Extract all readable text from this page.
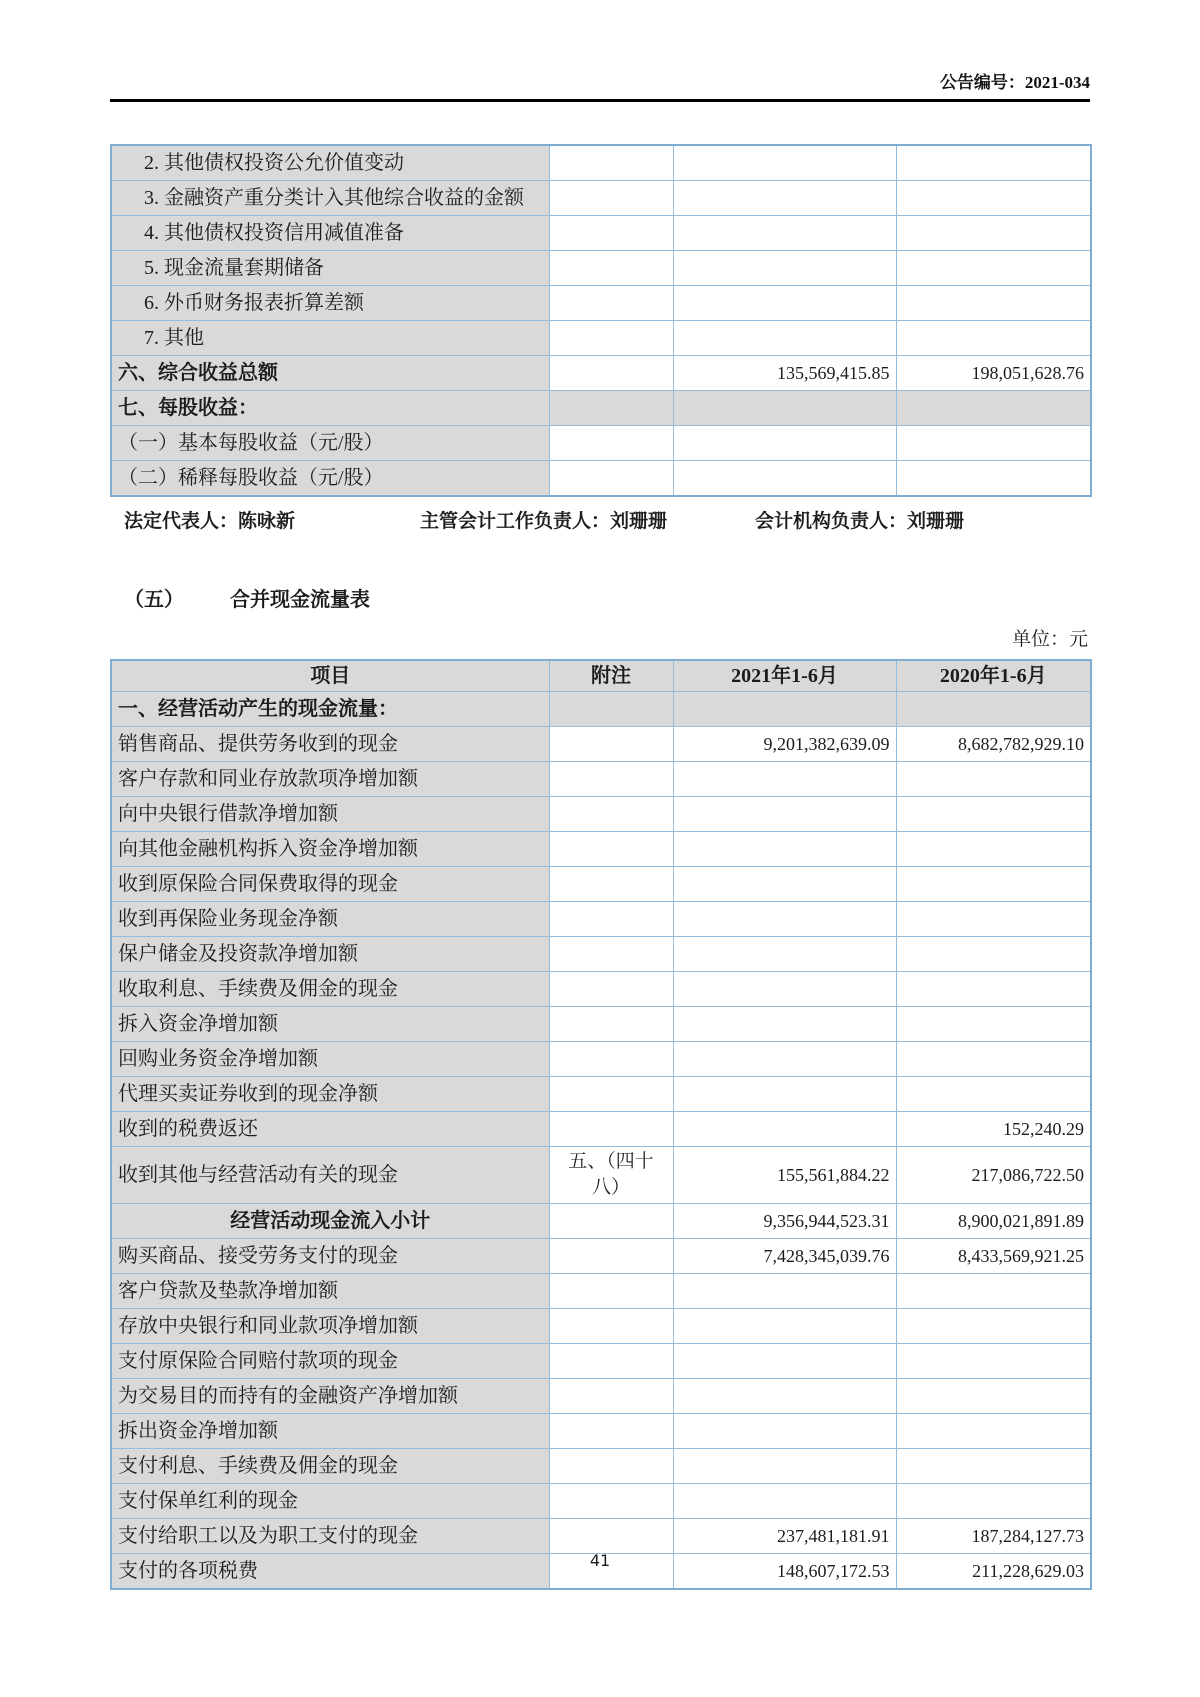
公告编号：2021-034
2. 其他债权投资公允价值变动			
3. 金融资产重分类计入其他综合收益的金额			
4. 其他债权投资信用减值准备			
5. 现金流量套期储备			
6. 外币财务报表折算差额			
7. 其他			
六、综合收益总额		135,569,415.85	198,051,628.76
七、每股收益：			
（一）基本每股收益（元/股）			
（二）稀释每股收益（元/股）			
法定代表人：陈咏新	主管会计工作负责人：刘珊珊	会计机构负责人：刘珊珊
（五） 合并现金流量表
单位：元
项目	附注	2021年1-6月	2020年1-6月
一、经营活动产生的现金流量：			
销售商品、提供劳务收到的现金		9,201,382,639.09	8,682,782,929.10
客户存款和同业存放款项净增加额			
向中央银行借款净增加额			
向其他金融机构拆入资金净增加额			
收到原保险合同保费取得的现金			
收到再保险业务现金净额			
保户储金及投资款净增加额			
收取利息、手续费及佣金的现金			
拆入资金净增加额			
回购业务资金净增加额			
代理买卖证券收到的现金净额			
收到的税费返还			152,240.29
收到其他与经营活动有关的现金	五、（四十八）	155,561,884.22	217,086,722.50
经营活动现金流入小计		9,356,944,523.31	8,900,021,891.89
购买商品、接受劳务支付的现金		7,428,345,039.76	8,433,569,921.25
客户贷款及垫款净增加额			
存放中央银行和同业款项净增加额			
支付原保险合同赔付款项的现金			
为交易目的而持有的金融资产净增加额			
拆出资金净增加额			
支付利息、手续费及佣金的现金			
支付保单红利的现金			
支付给职工以及为职工支付的现金		237,481,181.91	187,284,127.73
支付的各项税费		148,607,172.53	211,228,629.03
41
